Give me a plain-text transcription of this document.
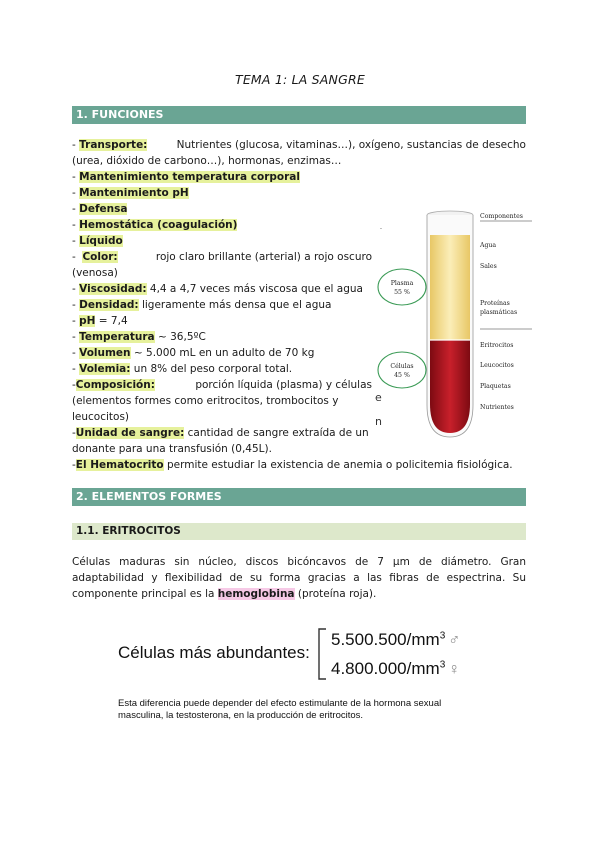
TEMA 1: LA SANGRE
1. FUNCIONES
- Transporte:	Nutrientes (glucosa, vitaminas…), oxígeno, sustancias de desecho
(urea, dióxido de carbono…), hormonas, enzimas…
- Mantenimiento temperatura corporal
- Mantenimiento pH
- Defensa
- Hemostática (coagulación)
- Líquido
-  Color:	rojo claro brillante (arterial) a rojo oscuro
(venosa)
- Viscosidad: 4,4 a 4,7 veces más viscosa que el agua
- Densidad: ligeramente más densa que el agua
- pH = 7,4
- Temperatura ~ 36,5ºC
- Volumen ~ 5.000 mL en un adulto de 70 kg
- Volemia: un 8% del peso corporal total.
-Composición:	porción líquida (plasma) y células
(elementos formes como eritrocitos, trombocitos y
leucocitos)
-Unidad de sangre: cantidad de sangre extraída de un
donante para una transfusión (0,45L).
-El Hematocrito permite estudiar la existencia de anemia o policitemia fisiológica.
.
e
n
Plasma
55 %
Células
45 %
Componentes
Agua
Sales
Proteínas
plasmáticas
Eritrocitos
Leucocitos
Plaquetas
Nutrientes
2. ELEMENTOS FORMES
1.1. ERITROCITOS
Células maduras sin núcleo, discos bicóncavos de 7 μm de diámetro. Gran
adaptabilidad y flexibilidad de su forma gracias a las fibras de espectrina. Su
componente principal es la hemoglobina (proteína roja).
Células más abundantes:
$5.500.500/mm^3$ ♂
$4.800.000/mm^3$ ♀
Esta diferencia puede depender del efecto estimulante de la hormona sexual
masculina, la testosterona, en la producción de eritrocitos.
